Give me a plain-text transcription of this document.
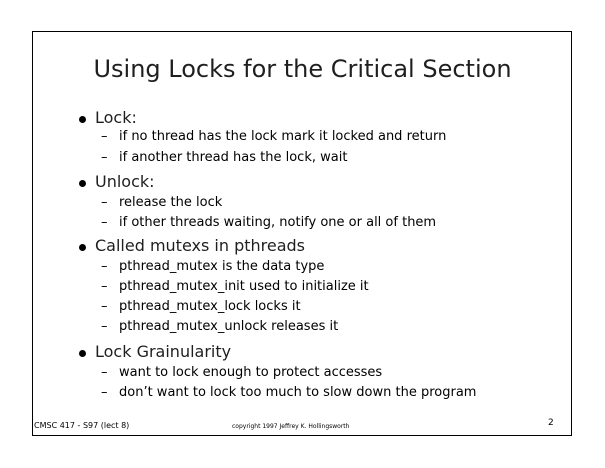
Using Locks for the Critical Section
Lock:
– if no thread has the lock mark it locked and return
– if another thread has the lock, wait
Unlock:
– release the lock
– if other threads waiting, notify one or all of them
Called mutexs in pthreads
– pthread_mutex is the data type
– pthread_mutex_init used to initialize it
– pthread_mutex_lock locks it
– pthread_mutex_unlock releases it
Lock Grainularity
– want to lock enough to protect accesses
– don’t want to lock too much to slow down the program
CMSC 417 - S97 (lect 8)	copyright 1997 Jeffrey K. Hollingsworth	2
